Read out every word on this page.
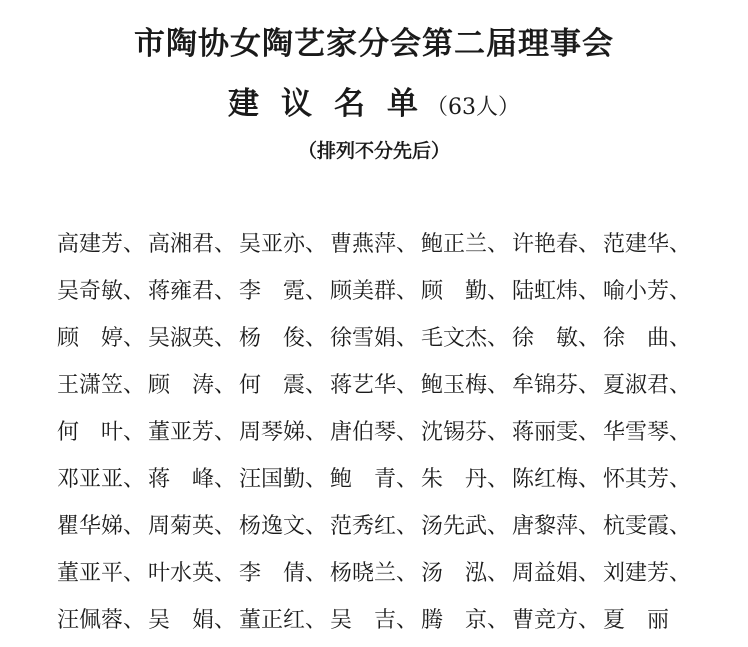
市陶协女陶艺家分会第二届理事会
建议名单（63人）
（排列不分先后）
高建芳、 高湘君、 吴亚亦、 曹燕萍、 鲍正兰、 许艳春、 范建华、
吴奇敏、 蒋雍君、 李　霓、 顾美群、 顾　勤、 陆虹炜、 喻小芳、
顾　婷、 吴淑英、 杨　俊、 徐雪娟、 毛文杰、 徐　敏、 徐　曲、
王潇笠、 顾　涛、 何　震、 蒋艺华、 鲍玉梅、 牟锦芬、 夏淑君、
何　叶、 董亚芳、 周琴娣、 唐伯琴、 沈锡芬、 蒋丽雯、 华雪琴、
邓亚亚、 蒋　峰、 汪国勤、 鲍　青、 朱　丹、 陈红梅、 怀其芳、
瞿华娣、 周菊英、 杨逸文、 范秀红、 汤先武、 唐黎萍、 杭雯霞、
董亚平、 叶水英、 李　倩、 杨晓兰、 汤　泓、 周益娟、 刘建芳、
汪佩蓉、 吴　娟、 董正红、 吴　吉、 腾　京、 曹竞方、 夏　丽
